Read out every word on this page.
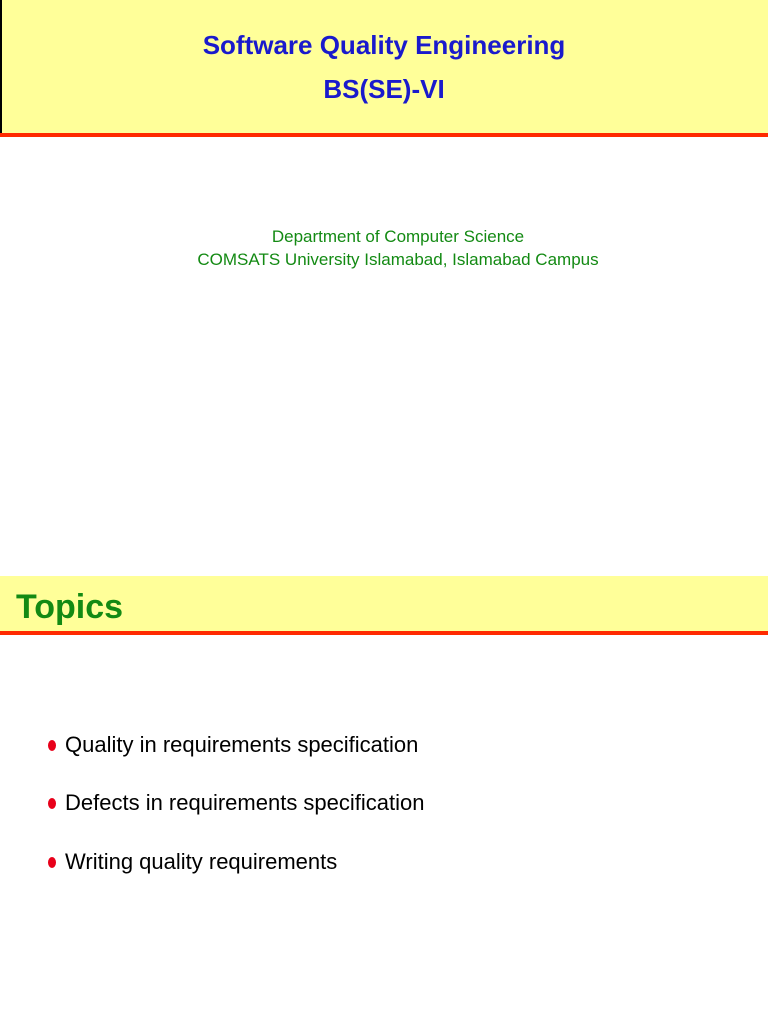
Software Quality Engineering
BS(SE)-VI
Department of Computer Science
COMSATS University Islamabad, Islamabad Campus
Topics
Quality in requirements specification
Defects in requirements specification
Writing quality requirements
